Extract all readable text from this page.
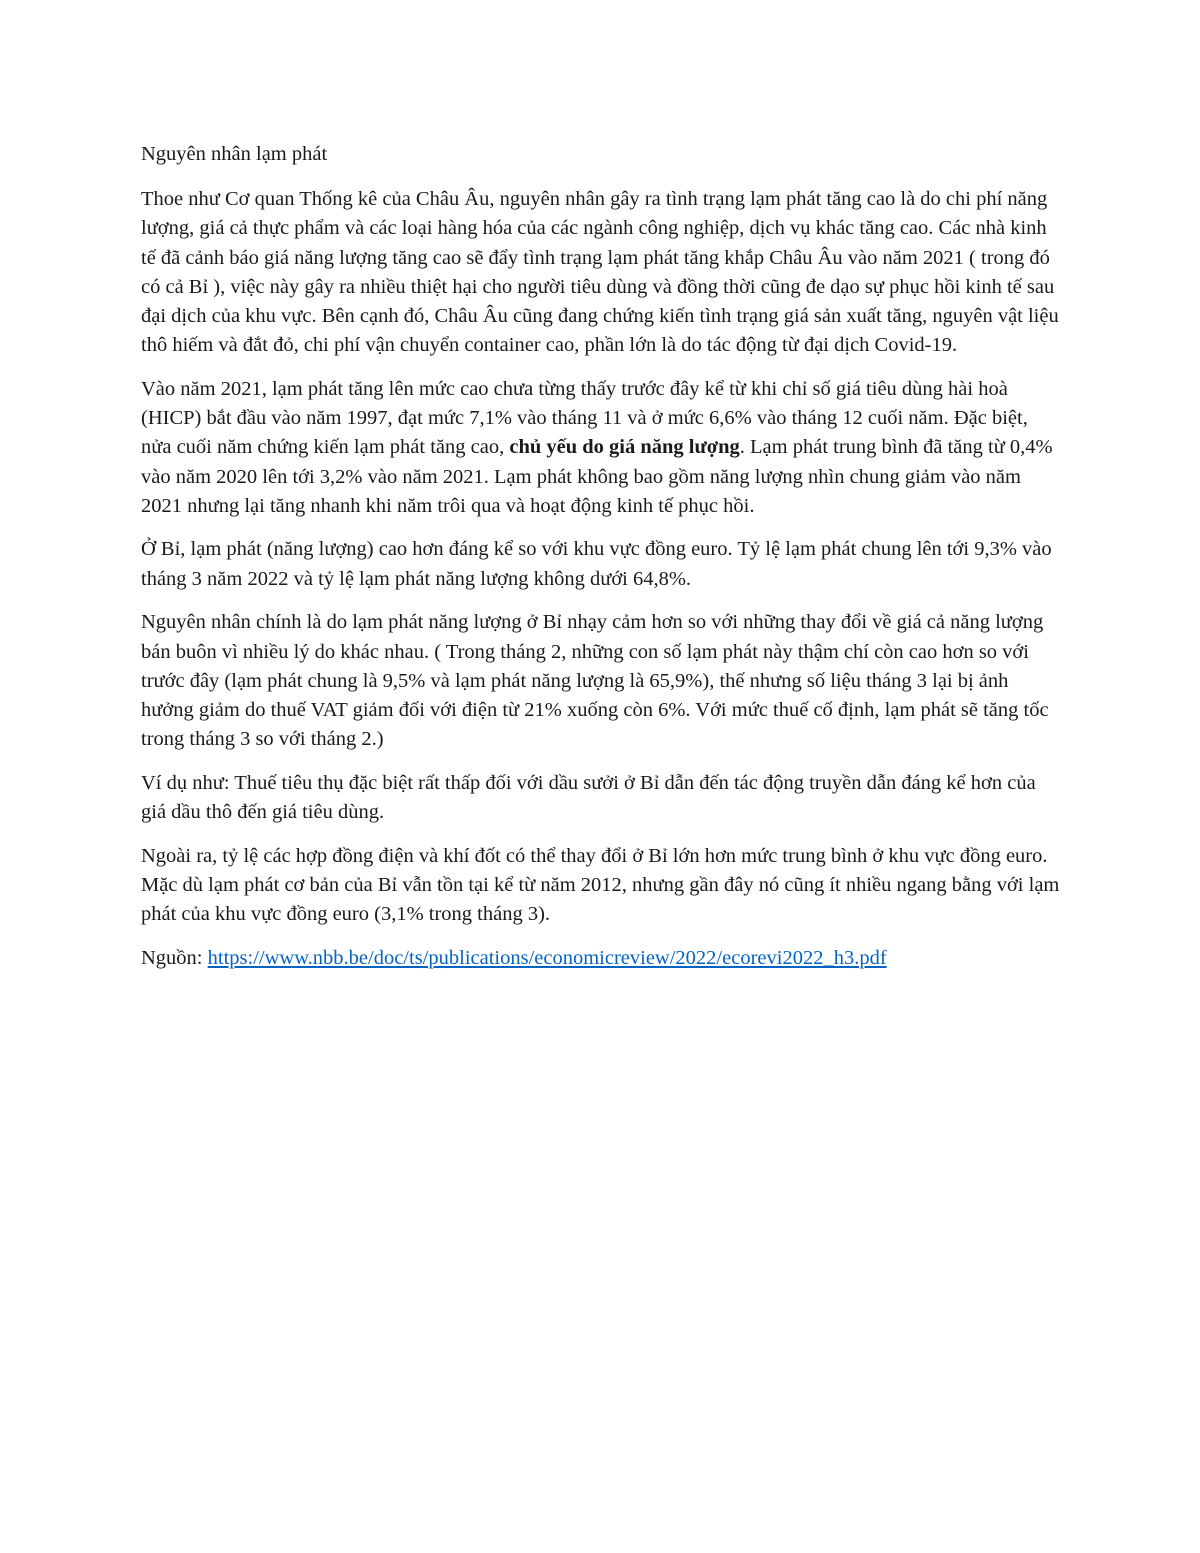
Nguyên nhân lạm phát

Thoe như Cơ quan Thống kê của Châu Âu, nguyên nhân gây ra tình trạng lạm phát tăng cao là do chi phí năng lượng, giá cả thực phẩm và các loại hàng hóa của các ngành công nghiệp, dịch vụ khác tăng cao. Các nhà kinh tế đã cảnh báo giá năng lượng tăng cao sẽ đẩy tình trạng lạm phát tăng khắp Châu Âu vào năm 2021 ( trong đó có cả Bỉ ), việc này gây ra nhiều thiệt hại cho người tiêu dùng và đồng thời cũng đe dạo sự phục hồi kinh tế sau đại dịch của khu vực. Bên cạnh đó, Châu Âu cũng đang chứng kiến tình trạng giá sản xuất tăng, nguyên vật liệu thô hiếm và đắt đỏ, chi phí vận chuyển container cao, phần lớn là do tác động từ đại dịch Covid-19.

Vào năm 2021, lạm phát tăng lên mức cao chưa từng thấy trước đây kể từ khi chỉ số giá tiêu dùng hài hoà (HICP) bắt đầu vào năm 1997, đạt mức 7,1% vào tháng 11 và ở mức 6,6% vào tháng 12 cuối năm. Đặc biệt, nửa cuối năm chứng kiến lạm phát tăng cao, chủ yếu do giá năng lượng. Lạm phát trung bình đã tăng từ 0,4% vào năm 2020 lên tới 3,2% vào năm 2021. Lạm phát không bao gồm năng lượng nhìn chung giảm vào năm 2021 nhưng lại tăng nhanh khi năm trôi qua và hoạt động kinh tế phục hồi.

Ở Bỉ, lạm phát (năng lượng) cao hơn đáng kể so với khu vực đồng euro. Tỷ lệ lạm phát chung lên tới 9,3% vào tháng 3 năm 2022 và tỷ lệ lạm phát năng lượng không dưới 64,8%.

Nguyên nhân chính là do lạm phát năng lượng ở Bỉ nhạy cảm hơn so với những thay đổi về giá cả năng lượng bán buôn vì nhiều lý do khác nhau. ( Trong tháng 2, những con số lạm phát này thậm chí còn cao hơn so với trước đây (lạm phát chung là 9,5% và lạm phát năng lượng là 65,9%), thế nhưng số liệu tháng 3 lại bị ảnh hưởng giảm do thuế VAT giảm đối với điện từ 21% xuống còn 6%. Với mức thuế cố định, lạm phát sẽ tăng tốc trong tháng 3 so với tháng 2.)

Ví dụ như: Thuế tiêu thụ đặc biệt rất thấp đối với dầu sưởi ở Bỉ dẫn đến tác động truyền dẫn đáng kể hơn của giá dầu thô đến giá tiêu dùng.

Ngoài ra, tỷ lệ các hợp đồng điện và khí đốt có thể thay đổi ở Bỉ lớn hơn mức trung bình ở khu vực đồng euro. Mặc dù lạm phát cơ bản của Bỉ vẫn tồn tại kể từ năm 2012, nhưng gần đây nó cũng ít nhiều ngang bằng với lạm phát của khu vực đồng euro (3,1% trong tháng 3).

Nguồn: https://www.nbb.be/doc/ts/publications/economicreview/2022/ecorevi2022_h3.pdf
